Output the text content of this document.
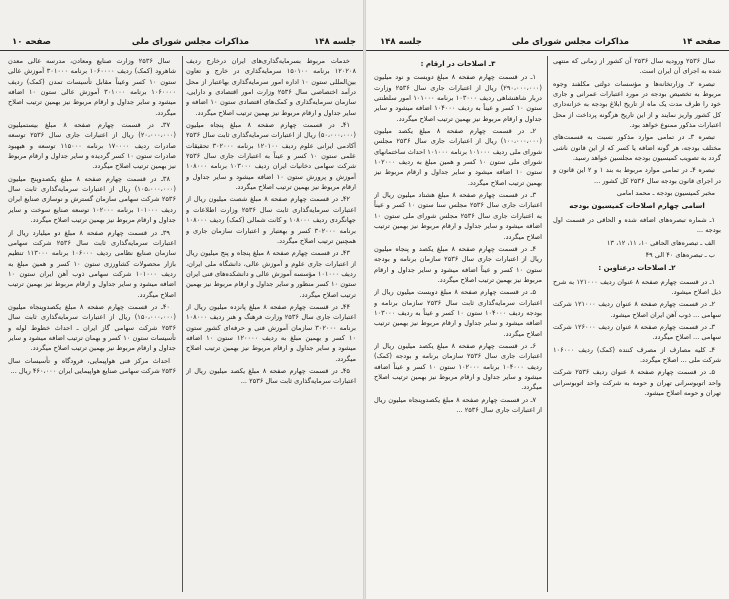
جلسه ۱۴۸
مذاکرات مجلس شورای ملی
صفحه ۱۰

خدمات مربوط بسرمایه‌گذاری‌های ایران درخارج ردیف ۱۲۰۲۰۸ برنامه ۱۵۰۱۰۰ سرمایه‌گذاری در خارج و تعاون بین‌المللی ستون ۱۰ اداره امور سرمایه‌گذاری بهاعتبار از محل درآمد اختصاصی سال ۲۵۳۶ وزارت امور اقتصادی و دارایی، سازمان سرمایه‌گذاری و کمک‌های اقتصادی ستون ۱۰ اضافه و سایر جداول و ارقام مربوط نیز بهمین ترتیب اصلاح میگردد.

۴۱ـ در قسمت چهارم صفحه ۸ مبلغ پنجاه میلیون (۵۰،۰۰۰،۰۰۰) ریال از اعتبارات سرمایه‌گذاری ثابت سال ۲۵۳۶ آکادمی ایرانی علوم ردیف ۱۲۰۱۰۰ برنامه ۳۰۲۰۰۰ تحقیقات علمی ستون ۱۰ کسر و عیناً به اعتبارات جاری سال ۲۵۳۶ شرکت سهامی دخانیات ایران ردیف ۱۰۳۰۰۰ برنامه ۱۰۸۰۰۰ آموزش و پرورش ستون ۱۰ اضافه میشود و سایر جداول و ارقام مربوط نیز بهمین ترتیب اصلاح میگردد.

۴۲ـ در قسمت چهارم صفحه ۸ مبلغ شصت میلیون ریال از اعتبارات سرمایه‌گذاری ثابت سال ۲۵۳۶ وزارت اطلاعات و جهانگردی ردیف ۱۰۸۰۰۰ و کانت شمالی (کمک) ردیف ۱۰۸۰۰۰ برنامه ۳۰۲۰۰۰ کسر و بهعتبار و اعتبارات سازمان جاری و همچنین ترتیب اصلاح میگردد.

۴۳ـ در قسمت چهارم صفحه ۸ مبلغ پنجاه و پنج میلیون ریال از اعتبارات جاری علوم و آموزش عالی، دانشگاه ملی ایران، ردیف ۱۰۱۰۰۰ مؤسسه آموزش عالی و دانشکده‌های فنی ایران ستون ۱۰ کسر منظور و سایر جداول و ارقام مربوط نیز بهمین ترتیب اصلاح میگردد.

۴۴ـ در قسمت چهارم صفحه ۸ مبلغ پانزده میلیون ریال از اعتبارات جاری سال ۲۵۳۶ وزارت فرهنگ و هنر ردیف ۱۰۸۰۰۰ برنامه ۳۰۲۰۰۰ سازمان آموزش فنی و حرفه‌ای کشور ستون ۱۰ کسر و بهمین مبلغ به ردیف ۱۲۰۰۰۰ ستون ۱۰ اضافه میشود و سایر جداول و ارقام مربوط نیز بهمین ترتیب اصلاح میگردد.

۴۵ـ در قسمت چهارم صفحه ۸ مبلغ یکصد میلیون ریال از اعتبارات سرمایه‌گذاری ثابت سال ۲۵۳۶ ...

سال ۲۵۳۶ وزارت صنایع ومعادن، مدرسه عالی معدن شاهرود (کمک) ردیف ۱۰۶۰۰۰۰ برنامه ۳۰۱۰۰۰ آموزش عالی ستون ۱۰ کسر وعیناً مقابل تأسیسات تمدن (کمک) ردیف ۱۰۶۰۰۰۰ برنامه ۳۰۱۰۰۰ آموزش عالی ستون ۱۰ اضافه میشود و سایر جداول و ارقام مربوط نیز بهمین ترتیب اصلاح میگردد.

۳۷ـ در قسمت چهارم صفحه ۸ مبلغ بیستمیلیون (۲۰،۰۰۰،۰۰۰) ریال از اعتبارات جاری سال ۲۵۳۶ توسعه صادرات ردیف ۱۷۰۰۰۰ برنامه ۱۱۵۰۰۰ توسعه و هبهبود صادرات ستون ۱۰ کسر گردیده و سایر جداول و ارقام مربوط نیز بهمین ترتیب اصلاح میگردد.

۳۸ـ در قسمت چهارم صفحه ۸ مبلغ یکصدوپنج میلیون (۱۰۵،۰۰۰،۰۰۰) ریال از اعتبارات سرمایه‌گذاری ثابت سال ۲۵۳۶ شرکت سهامی سازمان گسترش و نوسازی صنایع ایران ردیف ۱۰۱۰۰۰ برنامه ۱۰۲۰۰۰ توسعه صنایع سوخت و سایر جداول و ارقام مربوط نیز بهمین ترتیب اصلاح میگردد.

۳۹ـ در قسمت چهارم صفحه ۸ مبلغ دو میلیارد ریال از اعتبارات سرمایه‌گذاری ثابت سال ۲۵۳۶ شرکت سهامی سازمان صنایع نظامی ردیف ۱۰۶۰۰۰ برنامه ۱۱۳۰۰۰ تنظیم بازار محصولات کشاورزی ستون ۱۰ کسر و همین مبلغ به ردیف ۱۰۱۰۰۰ شرکت سهامی ذوب آهن ایران ستون ۱۰ اضافه میشود و سایر جداول و ارقام مربوط نیز بهمین ترتیب اصلاح میگردد.

۴۰ـ در قسمت چهارم صفحه ۸ مبلغ یکصدوپنجاه میلیون (۱۵۰،۰۰۰،۰۰۰) ریال از اعتبارات سرمایه‌گذاری ثابت سال ۲۵۳۶ شرکت سهامی گاز ایران ـ احداث خطوط لوله و تأسیسات ستون ۱۰ کسر و بهمان ترتیب اضافه میشود و سایر جداول و ارقام مربوط نیز بهمین ترتیب اصلاح میگردد.

احداث مرکز فنی هواپیمایی، فرودگاه و تأسیسات سال ۲۵۳۶ شرکت سهامی صنایع هواپیمایی ایران ۴۶۰،۰۰۰ ریال ...

صفحه ۱۴
مذاکرات مجلس شورای ملی
جلسه ۱۴۸

سال ۲۵۳۶ ورودیه سال ۲۵۳۶ آن کشور از زمانی که منتهی شده به اجرای آن ایران است.

تبصره ۲ـ وزارتخانه‌ها و مؤسسات دولتی مکلفند وجوه مربوط به تخصیص بودجه در مورد اعتبارات عمرانی و جاری خود را ظرف مدت یک ماه از تاریخ ابلاغ بودجه به خزانه‌داری کل کشور واریز نمایند و از این تاریخ هرگونه پرداخت از محل اعتبارات مذکور ممنوع خواهد بود.

تبصره ۳ـ در تمامی موارد مذکور نسبت به قسمت‌های مختلف بودجه، هر گونه اضافه یا کسر که از این قانون ناشی گردد به تصویب کمیسیون بودجه مجلسین خواهد رسید.

تبصره ۴ـ در تمامی موارد مربوط به بند ۱ و ۲ این قانون و در اجرای قانون بودجه سال ۲۵۳۶ کل کشور ...

مخبر کمیسیون بودجه ـ محمد امامی

اسامی چهارم اصلاحات کمیسیون بودجه

۱ـ شماره تبصره‌های اضافه شده و الحاقی در قسمت اول بودجه ...

الف ـ تبصره‌های الحاقی ۱۰، ۱۱، ۱۲، ۱۳

ب ـ تبصره‌های ۴۰ الی ۴۹

۲ـ اصلاحات درعناوین :

۱ـ در قسمت چهارم صفحه ۸ عنوان ردیف ۱۲۱۰۰۰ به شرح ذیل اصلاح میشود.

۲ـ در قسمت چهارم صفحه ۸ عنوان ردیف ۱۲۱۰۰۰ شرکت سهامی ... ذوب آهن ایران اصلاح میشود.

۳ـ در قسمت چهارم صفحه ۸ عنوان ردیف ۱۲۶۰۰۰ شرکت سهامی ... اصلاح میگردد.

۴ـ کلیه مصارف از مصرف کننده (کمک) ردیف ۱۰۶۰۰۰ شرکت ملی ... اصلاح میگردد.

۵ـ در قسمت چهارم صفحه ۸ عنوان ردیف ۲۵۳۶ شرکت واحد اتوبوسرانی تهران و حومه به شرکت واحد اتوبوسرانی تهران و حومه اصلاح میشود.

۳ـ اصلاحات در ارقام :

۱ـ در قسمت چهارم صفحه ۸ مبلغ دویست و نود میلیون (۲۹۰،۰۰۰،۰۰۰) ریال از اعتبارات جاری سال ۲۵۳۶ وزارت دربار شاهنشاهی ردیف ۱۰۳۰۰۰ برنامه ۱۰۱۰۰۰ امور سلطنتی ستون ۱۰ کسر و عیناً به ردیف ۱۰۴۰۰۰ اضافه میشود و سایر جداول و ارقام مربوط نیز بهمین ترتیب اصلاح میگردد.

۲ـ در قسمت چهارم صفحه ۸ مبلغ یکصد میلیون (۱۰۰،۰۰۰،۰۰۰) ریال از اعتبارات جاری سال ۲۵۳۶ مجلس شورای ملی ردیف ۱۰۱۰۰۰ برنامه ۱۰۱۰۰۰ احداث ساختمانهای شورای ملی ستون ۱۰ کسر و همین مبلغ به ردیف ۱۰۲۰۰۰ ستون ۱۰ اضافه میشود و سایر جداول و ارقام مربوط نیز بهمین ترتیب اصلاح میگردد.

۳ـ در قسمت چهارم صفحه ۸ مبلغ هشتاد میلیون ریال از اعتبارات جاری سال ۲۵۳۶ مجلس سنا ستون ۱۰ کسر و عیناً به اعتبارات جاری سال ۲۵۳۶ مجلس شورای ملی ستون ۱۰ اضافه میشود و سایر جداول و ارقام مربوط نیز بهمین ترتیب اصلاح میگردد.

۴ـ در قسمت چهارم صفحه ۸ مبلغ یکصد و پنجاه میلیون ریال از اعتبارات جاری سال ۲۵۳۶ سازمان برنامه و بودجه ستون ۱۰ کسر و عیناً اضافه میشود و سایر جداول و ارقام مربوط نیز بهمین ترتیب اصلاح میگردد.

۵ـ در قسمت چهارم صفحه ۸ مبلغ دویست میلیون ریال از اعتبارات سرمایه‌گذاری ثابت سال ۲۵۳۶ سازمان برنامه و بودجه ردیف ۱۰۴۰۰۰ ستون ۱۰ کسر و عیناً به ردیف ۱۰۳۰۰۰ اضافه میشود و سایر جداول و ارقام مربوط نیز بهمین ترتیب اصلاح میگردد.

۶ـ در قسمت چهارم صفحه ۸ مبلغ یکصد میلیون ریال از اعتبارات جاری سال ۲۵۳۶ سازمان برنامه و بودجه (کمک) ردیف ۱۰۴۰۰۰ برنامه ۱۰۲۰۰۰ ستون ۱۰ کسر و عیناً اضافه میشود و سایر جداول و ارقام مربوط نیز بهمین ترتیب اصلاح میگردد.

۷ـ در قسمت چهارم صفحه ۸ مبلغ یکصدوپنجاه میلیون ریال از اعتبارات جاری سال ۲۵۳۶ ...
